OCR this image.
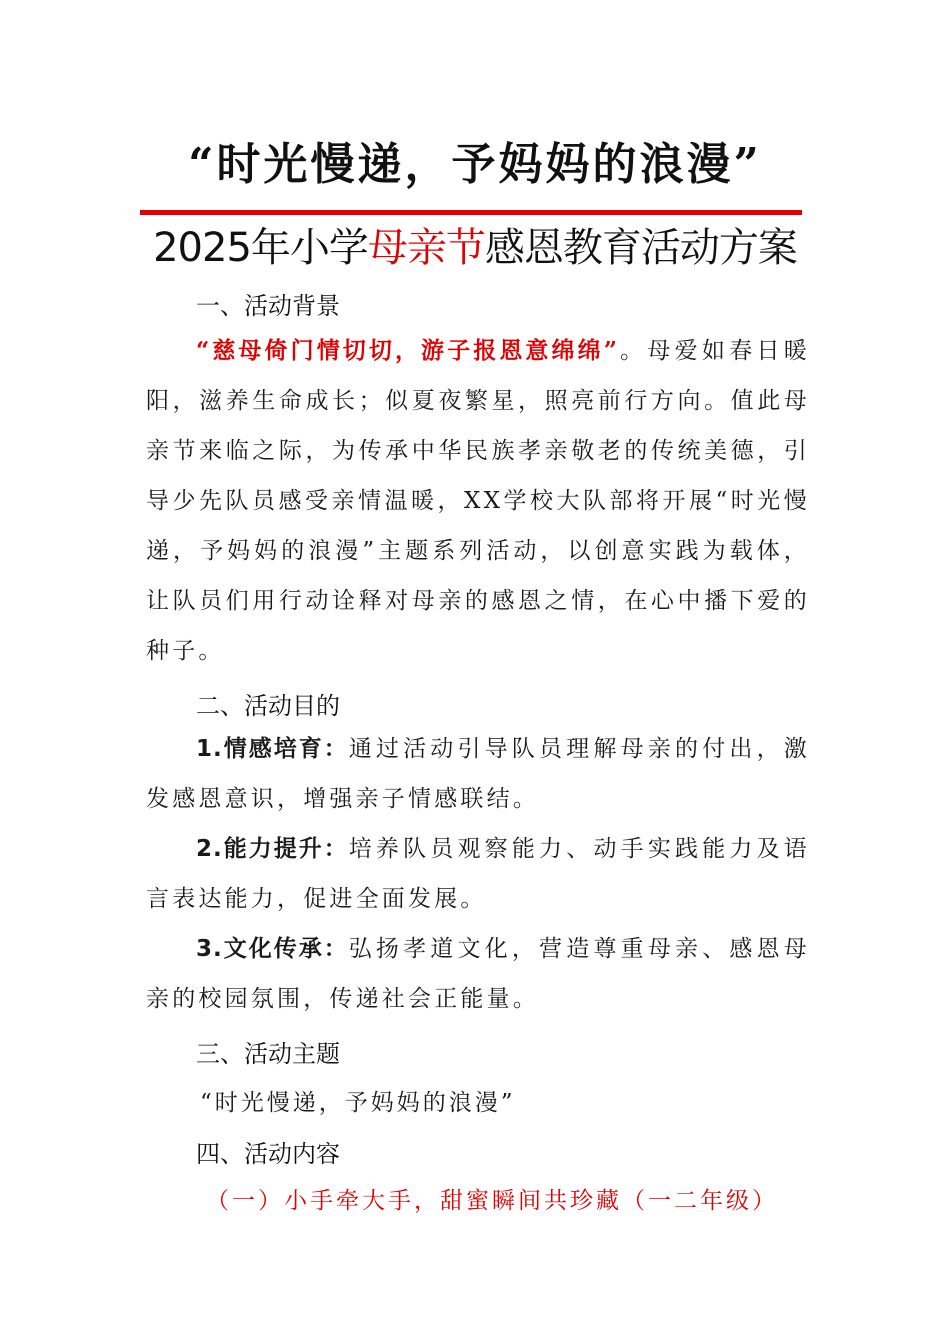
“时光慢递，予妈妈的浪漫”
2025年小学母亲节感恩教育活动方案
一、活动背景
“慈母倚门情切切，游子报恩意绵绵”。母爱如春日暖阳，滋养生命成长；似夏夜繁星，照亮前行方向。值此母亲节来临之际，为传承中华民族孝亲敬老的传统美德，引导少先队员感受亲情温暖，XX学校大队部将开展“时光慢递，予妈妈的浪漫”主题系列活动，以创意实践为载体，让队员们用行动诠释对母亲的感恩之情，在心中播下爱的种子。
二、活动目的
1.情感培育：通过活动引导队员理解母亲的付出，激发感恩意识，增强亲子情感联结。
2.能力提升：培养队员观察能力、动手实践能力及语言表达能力，促进全面发展。
3.文化传承：弘扬孝道文化，营造尊重母亲、感恩母亲的校园氛围，传递社会正能量。
三、活动主题
“时光慢递，予妈妈的浪漫”
四、活动内容
（一）小手牵大手，甜蜜瞬间共珍藏（一二年级）
